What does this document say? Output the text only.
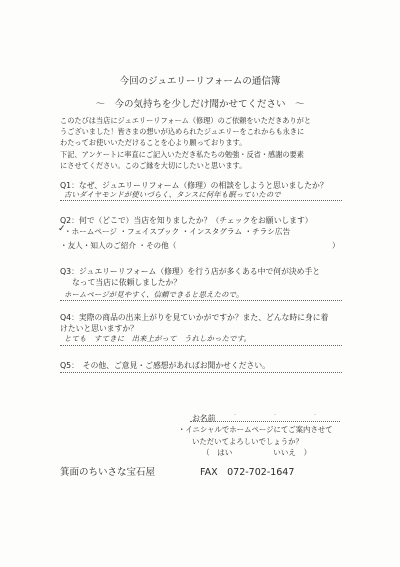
今回のジュエリーリフォームの通信簿
～　今の気持ちを少しだけ聞かせてください　～
このたびは当店にジュエリーリフォーム（修理）のご依頼をいただきありがと
うございました！皆さまの想いが込められたジュエリーをこれからも永きに
わたってお使いいただけることを心より願っております。
下記、アンケートに率直にご記入いただき私たちの勉強・反省・感謝の要素
にさせてください。このご縁を大切にしたいと思います。
Q1：なぜ、ジュエリーリフォーム（修理）の相談をしようと思いましたか？
古いダイヤモンドが使いづらく、タンスに何年も眠っていたので
Q2：何で（どこで）当店を知りましたか？（チェックをお願いします）
✓
・ホームページ ・フェイスブック ・インスタグラム ・チラシ広告
・友人・知人のご紹介 ・その他（	）
Q3：ジュエリーリフォーム（修理）を行う店が多くある中で何が決め手と
なって当店に依頼しましたか？
ホームページが見やすく、信頼できると思えたので。
Q4：実際の商品の出来上がりを見ていかがですか？また、どんな時に身に着
けたいと思いますか？
とても　すてきに　出来上がって　うれしかったです。
Q5：　その他、ご意見・ご感想があればお聞かせください。
お名前	・　・　・
・イニシャルでホームページにてご案内させて
いただいてよろしいでしょうか？
（　はい	いいえ　）
箕面のちいさな宝石屋	FAX　072-702-1647
